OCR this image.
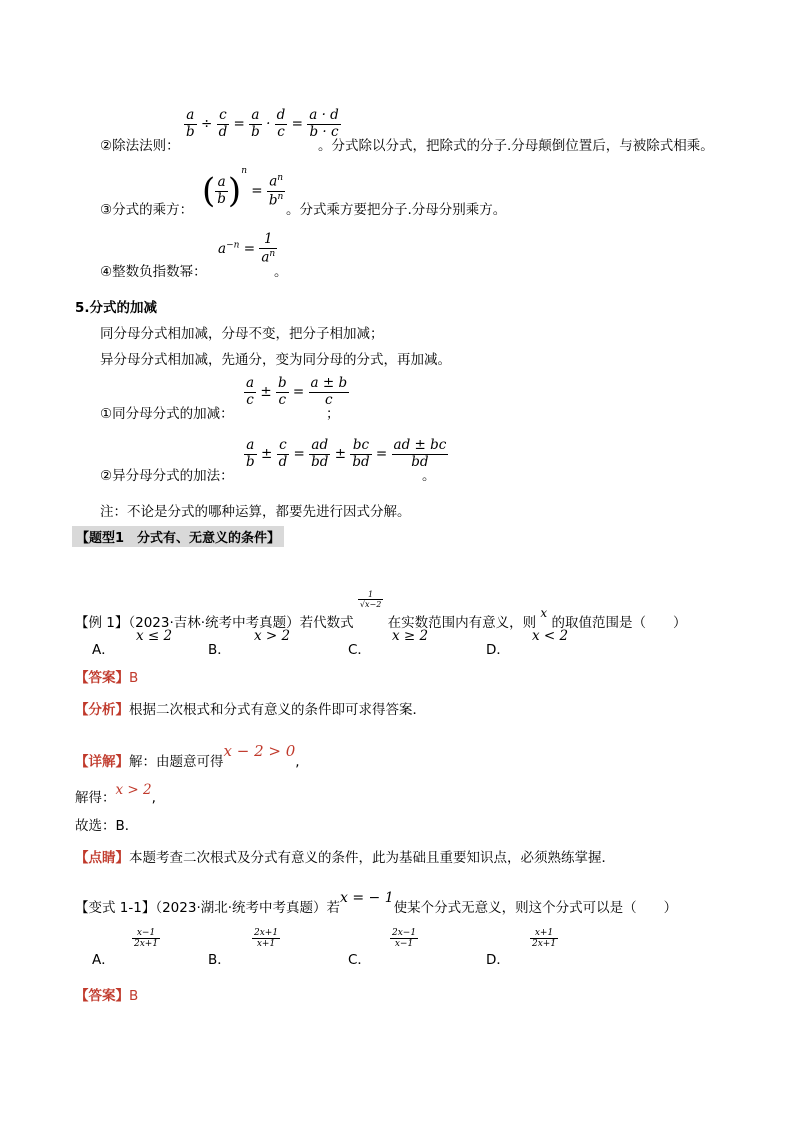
$\frac{a}{b} \div \frac{c}{d} = \frac{a}{b} \cdot \frac{d}{c} = \frac{a \cdot d}{b \cdot c}$
②除法法则：	。分式除以分式，把除式的分子.分母颠倒位置后，与被除式相乘。
( $\frac{a}{b} )^n = \frac{a^n}{b^n}$
③分式的乘方：	。分式乘方要把分子.分母分别乘方。
$a^{-n} = \frac{1}{a^n}$
④整数负指数幂：	。
5.分式的加减
同分母分式相加减，分母不变，把分子相加减；
异分母分式相加减，先通分，变为同分母的分式，再加减。
$\frac{a}{c} \pm \frac{b}{c} = \frac{a \pm b}{c}$
①同分母分式的加减：	；
$\frac{a}{b} \pm \frac{c}{d} = \frac{ad}{bd} \pm \frac{bc}{bd} = \frac{ad \pm bc}{bd}$
②异分母分式的加法：	。
注：不论是分式的哪种运算，都要先进行因式分解。
【题型1　分式有、无意义的条件】
【例 1】（2023·吉林·统考中考真题）若代数式
$\frac{1}{√x-2}$
在实数范围内有意义，则 x 的取值范围是（　　）
A．
x ≤ 2
B．
x > 2
C．
x ≥ 2
D．
x < 2
【答案】B
【分析】根据二次根式和分式有意义的条件即可求得答案．
【详解】解：由题意可得x − 2 > 0,
解得：x > 2,
故选：B．
【点睛】本题考查二次根式及分式有意义的条件，此为基础且重要知识点，必须熟练掌握．
【变式 1-1】（2023·湖北·统考中考真题）若x = − 1使某个分式无意义，则这个分式可以是（　　）
A．
$\frac{x-1}{2x+1}$
B．
$\frac{2x+1}{x+1}$
C．
$\frac{2x-1}{x-1}$
D．
$\frac{x+1}{2x+1}$
【答案】B
